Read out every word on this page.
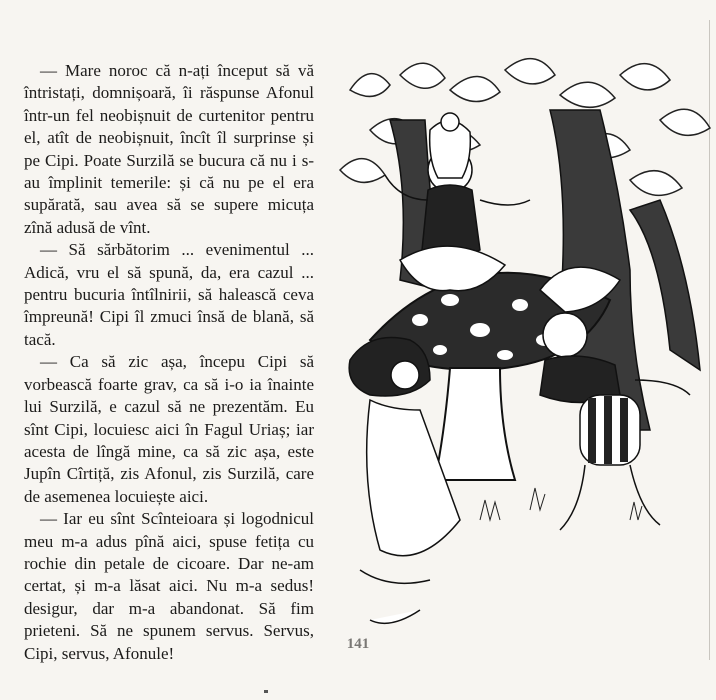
— Mare noroc că n-ați început să vă întristați, domnișoară, îi răspunse Afonul într-un fel neobișnuit de curtenitor pentru el, atît de neobișnuit, încît îl surprinse și pe Cipi. Poate Surzilă se bucura că nu i s-au împlinit temerile: și că nu pe el era supărată, sau avea să se supere micuța zînă adusă de vînt.

— Să sărbătorim ... evenimentul ... Adică, vru el să spună, da, era cazul ... pentru bucuria întîlnirii, să halească ceva împreună! Cipi îl zmuci însă de blană, să tacă.

— Ca să zic așa, începu Cipi să vorbească foarte grav, ca să i-o ia înainte lui Surzilă, e cazul să ne prezentăm. Eu sînt Cipi, locuiesc aici în Fagul Uriaș; iar acesta de lîngă mine, ca să zic așa, este Jupîn Cîrtiță, zis Afonul, zis Surzilă, care de asemenea locuiește aici.

— Iar eu sînt Scînteioara și logodnicul meu m-a adus pînă aici, spuse fetița cu rochie din petale de cicoare. Dar ne-am certat, și m-a lăsat aici. Nu m-a sedus! desigur, dar m-a abandonat. Să fim prieteni. Să ne spunem servus. Servus, Cipi, servus, Afonule!	141
